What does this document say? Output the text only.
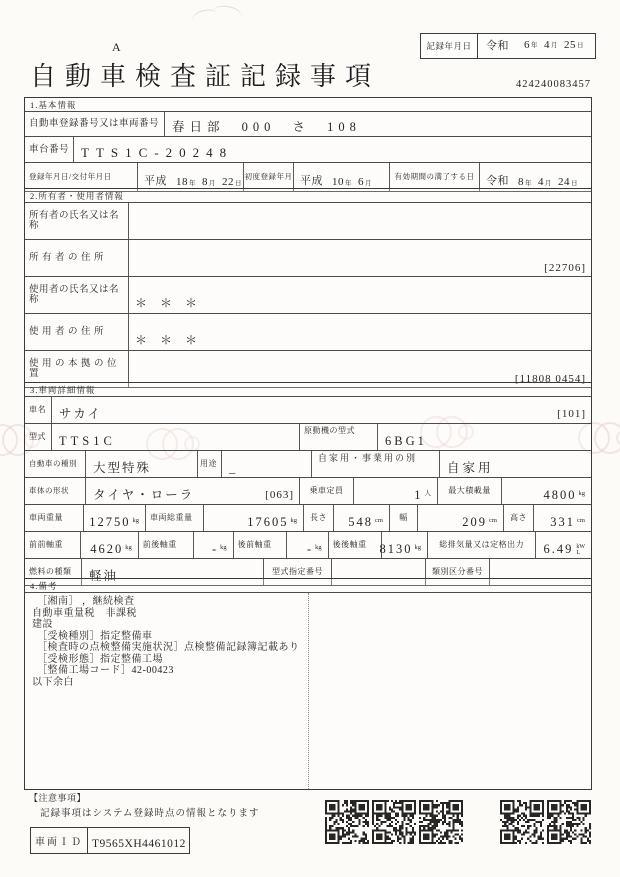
A
自動車検査証記録事項	424240083457
記録年月日	令和 6 年 4 月 25 日
1.基本情報
自動車登録番号又は車両番号	春日部 000 さ 108
車台番号 TTS1C-20248
登録年月日/交付年月日	平成 18 年 8 月 22 日
初度登録年月 平成 10 年 6 月
有効期間の満了する日	令和 8 年 4 月 24 日
2.所有者・使用者情報
所有者の氏名又は名称
所有者の住所
[22706]
使用者の氏名又は名称	＊ ＊ ＊
使用者の住所
＊ ＊ ＊
使用の本拠の位置	[11808 0454]
3.車両詳細情報
車名	サカイ	[101]
型式	TTS1C
原動機の型式
6BG1
自動車の種別	大型特殊	用途 _
自家用・事業用の別
自家用
車体の形状	タイヤ・ローラ	[063]	乗車定員	1 人	最大積載量	4800 kg
車両重量	12750 kg	車両総重量	17605 kg	長さ	548 cm	幅	209 cm	高さ	331 cm
前前軸重	4620 kg	前後軸重	- kg	後前軸重	- kg	後後軸重	8130 kg	総排気量又は定格出力	6.49 kW
L
燃料の種類	軽油	型式指定番号	類別区分番号
4.備考
［湘南］ ，継続検査
自動車重量税　非課税
建設
［受検種別］指定整備車
［検査時の点検整備実施状況］点検整備記録簿記載あり
［受検形態］指定整備工場
［整備工場コード］42-00423
以下余白
【注意事項】
記録事項はシステム登録時点の情報となります
車両ＩＤ T9565XH4461012
